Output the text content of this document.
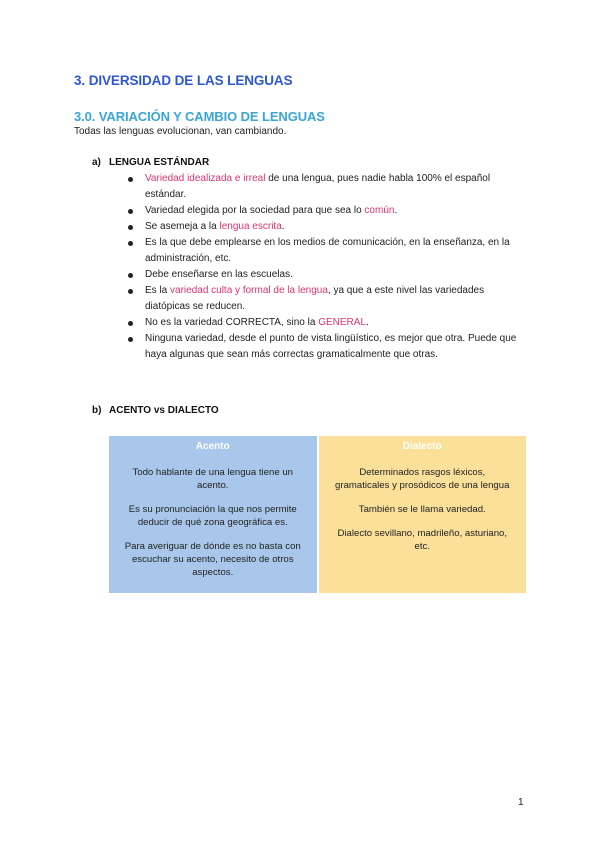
3. DIVERSIDAD DE LAS LENGUAS
3.0. VARIACIÓN Y CAMBIO DE LENGUAS
Todas las lenguas evolucionan, van cambiando.
a) LENGUA ESTÁNDAR
Variedad idealizada e irreal de una lengua, pues nadie habla 100% el español estándar.
Variedad elegida por la sociedad para que sea lo común.
Se asemeja a la lengua escrita.
Es la que debe emplearse en los medios de comunicación, en la enseñanza, en la administración, etc.
Debe enseñarse en las escuelas.
Es la variedad culta y formal de la lengua, ya que a este nivel las variedades diatópicas se reducen.
No es la variedad CORRECTA, sino la GENERAL.
Ninguna variedad, desde el punto de vista lingüístico, es mejor que otra. Puede que haya algunas que sean más correctas gramaticalmente que otras.
b) ACENTO vs DIALECTO
Acento

Todo hablante de una lengua tiene un acento.

Es su pronunciación la que nos permite deducir de qué zona geográfica es.

Para averiguar de dónde es no basta con escuchar su acento, necesito de otros aspectos.

Dialecto

Determinados rasgos léxicos, gramaticales y prosódicos de una lengua

También se le llama variedad.

Dialecto sevillano, madrileño, asturiano, etc.

1
